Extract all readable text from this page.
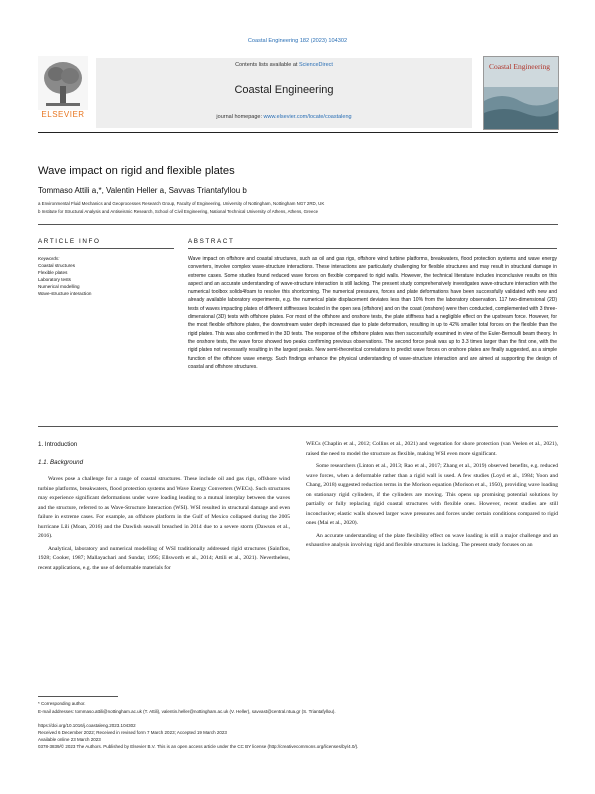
Coastal Engineering 182 (2023) 104302
ELSEVIER
Contents lists available at ScienceDirect
Coastal Engineering
journal homepage: www.elsevier.com/locate/coastaleng
Coastal Engineering
Wave impact on rigid and flexible plates
Tommaso Attili a,*, Valentin Heller a, Savvas Triantafyllou b
a Environmental Fluid Mechanics and Geoprocesses Research Group, Faculty of Engineering, University of Nottingham, Nottingham NG7 2RD, UK
b Institute for Structural Analysis and Antiseismic Research, School of Civil Engineering, National Technical University of Athens, Athens, Greece
ARTICLE INFO
Keywords:
Coastal structures
Flexible plates
Laboratory tests
Numerical modelling
Wave-structure interaction
ABSTRACT
Wave impact on offshore and coastal structures, such as oil and gas rigs, offshore wind turbine platforms, breakwaters, flood protection systems and wave energy converters, involve complex wave-structure interactions. These interactions are particularly challenging for flexible structures and may result in structural damage in extreme cases. Some studies found reduced wave forces on flexible compared to rigid walls. However, the technical literature includes inconclusive results on this aspect and an accurate understanding of wave-structure interaction is still lacking. The present study comprehensively investigates wave-structure interaction with the numerical toolbox solids4foam to resolve this shortcoming. The numerical pressures, forces and plate deformations have been successfully validated with new and already available laboratory experiments, e.g. the numerical plate displacement deviates less than 10% from the laboratory observation. 117 two-dimensional (2D) tests of waves impacting plates of different stiffnesses located in the open sea (offshore) and on the coast (onshore) were then conducted, complemented with 3 three-dimensional (3D) tests with offshore plates. For most of the offshore and onshore tests, the plate stiffness had a negligible effect on the upstream force. However, for the most flexible offshore plates, the downstream water depth increased due to plate deformation, resulting in up to 42% smaller total forces on the flexible than the rigid plates. This was also confirmed in the 3D tests. The response of the offshore plates was then successfully examined in view of the Euler-Bernoulli beam theory. In the onshore tests, the wave force showed two peaks confirming previous observations. The second force peak was up to 3.3 times larger than the first one, with the rigid plates not necessarily resulting in the largest peaks. New semi-theoretical correlations to predict wave forces on onshore plates are finally suggested, as a simple function of the offshore wave energy. Such findings enhance the physical understanding of wave-structure interaction and are aimed at supporting the design of coastal and offshore structures.
1. Introduction
1.1. Background

Waves pose a challenge for a range of coastal structures. These include oil and gas rigs, offshore wind turbine platforms, breakwaters, flood protection systems and Wave Energy Converters (WECs). Such structures may experience significant deformations under wave loading leading to a mutual interplay between the waves and the structure, referred to as Wave-Structure Interaction (WSI). WSI resulted in structural damage and even failure in extreme cases. For example, an offshore platform in the Gulf of Mexico collapsed during the 2005 hurricane Lili (Moan, 2016) and the Dawlish seawall breached in 2014 due to a severe storm (Dawson et al., 2016).

Analytical, laboratory and numerical modelling of WSI traditionally addressed rigid structures (Sainflou, 1928; Cooker, 1987; Mallayachari and Sundar, 1995; Ellsworth et al., 2014; Attili et al., 2021). Nevertheless, recent applications, e.g. the use of deformable materials for

WECs (Chaplin et al., 2012; Collins et al., 2021) and vegetation for shore protection (van Veelen et al., 2021), raised the need to model the structure as flexible, making WSI even more significant.

Some researchers (Linton et al., 2013; Rao et al., 2017; Zhang et al., 2019) observed benefits, e.g. reduced wave forces, when a deformable rather than a rigid wall is used. A few studies (Loyd et al., 1984; Yoon and Chang, 2018) suggested reduction terms in the Morison equation (Morison et al., 1950), providing wave loading on stationary rigid cylinders, if the cylinders are moving. This opens up promising potential solutions by partially or fully replacing rigid coastal structures with flexible ones. However, recent studies are still inconclusive; elastic walls showed larger wave pressures and forces under certain conditions compared to rigid ones (Mai et al., 2020).

An accurate understanding of the plate flexibility effect on wave loading is still a major challenge and an exhaustive analysis involving rigid and flexible structures is lacking. The present study focuses on an

* Corresponding author.
E-mail addresses: tommaso.attili@nottingham.ac.uk (T. Attili), valentin.heller@nottingham.ac.uk (V. Heller), savvast@central.ntua.gr (S. Triantafyllou).
https://doi.org/10.1016/j.coastaleng.2023.104302
Received 6 December 2022; Received in revised form 7 March 2023; Accepted 19 March 2023
Available online 23 March 2023
0378-3839/© 2023 The Authors. Published by Elsevier B.V. This is an open access article under the CC BY license (http://creativecommons.org/licenses/by/4.0/).
